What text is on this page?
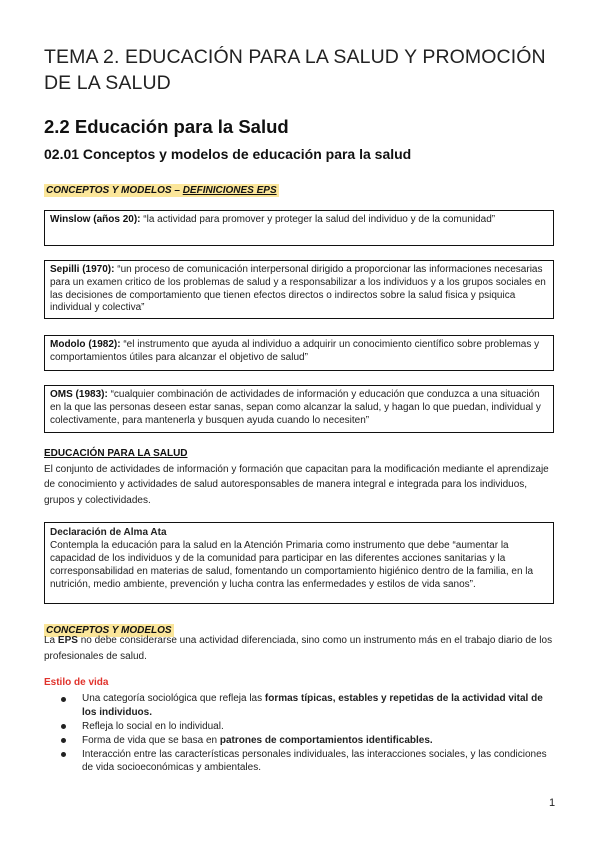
TEMA 2. EDUCACIÓN PARA LA SALUD Y PROMOCIÓN DE LA SALUD
2.2 Educación para la Salud
02.01 Conceptos y modelos de educación para la salud
CONCEPTOS Y MODELOS – DEFINICIONES EPS
Winslow (años 20): “la actividad para promover y proteger la salud del individuo y de la comunidad”
Sepilli (1970): “un proceso de comunicación interpersonal dirigido a proporcionar las informaciones necesarias para un examen critico de los problemas de salud y a responsabilizar a los individuos y a los grupos sociales en las decisiones de comportamiento que tienen efectos directos o indirectos sobre la salud fisica y psiquica individual y colectiva”
Modolo (1982): “el instrumento que ayuda al individuo a adquirir un conocimiento científico sobre problemas y comportamientos útiles para alcanzar el objetivo de salud”
OMS (1983): “cualquier combinación de actividades de información y educación que conduzca a una situación en la que las personas deseen estar sanas, sepan como alcanzar la salud, y hagan lo que puedan, individual y colectivamente, para mantenerla y busquen ayuda cuando lo necesiten”
EDUCACIÓN PARA LA SALUD
El conjunto de actividades de información y formación que capacitan para la modificación mediante el aprendizaje de conocimiento y actividades de salud autoresponsables de manera integral e integrada para los individuos, grupos y colectividades.
Declaración de Alma Ata
Contempla la educación para la salud en la Atención Primaria como instrumento que debe “aumentar la capacidad de los individuos y de la comunidad para participar en las diferentes acciones sanitarias y la corresponsabilidad en materias de salud, fomentando un comportamiento higiénico dentro de la familia, en la nutrición, medio ambiente, prevención y lucha contra las enfermedades y estilos de vida sanos”.
CONCEPTOS Y MODELOS
La EPS no debe considerarse una actividad diferenciada, sino como un instrumento más en el trabajo diario de los profesionales de salud.
Estilo de vida
Una categoría sociológica que refleja las formas típicas, estables y repetidas de la actividad vital de los individuos.
Refleja lo social en lo individual.
Forma de vida que se basa en patrones de comportamientos identificables.
Interacción entre las características personales individuales, las interacciones sociales, y las condiciones de vida socioeconómicas y ambientales.
1
